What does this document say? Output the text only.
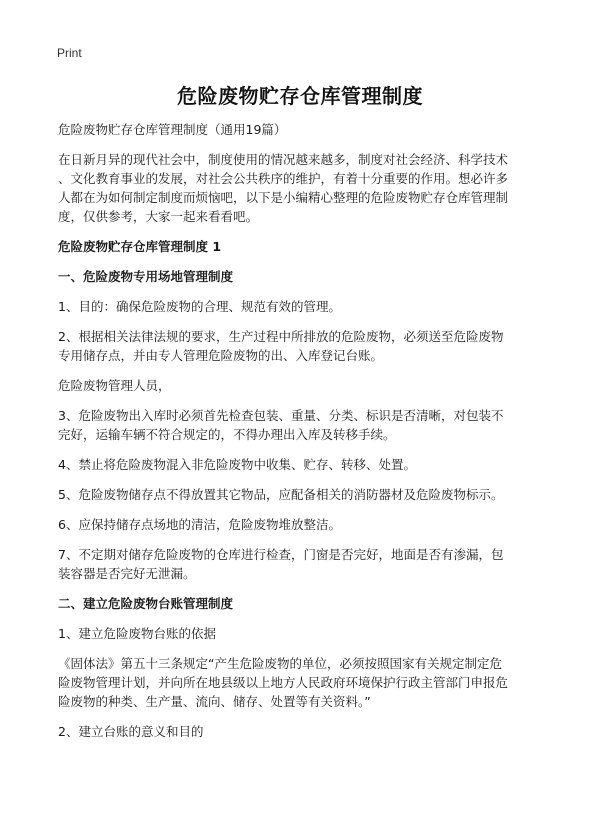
Print
危险废物贮存仓库管理制度
危险废物贮存仓库管理制度（通用19篇）
在日新月异的现代社会中，制度使用的情况越来越多，制度对社会经济、科学技术
、文化教育事业的发展，对社会公共秩序的维护，有着十分重要的作用。想必许多
人都在为如何制定制度而烦恼吧，以下是小编精心整理的危险废物贮存仓库管理制
度，仅供参考，大家一起来看看吧。
危险废物贮存仓库管理制度 1
一、危险废物专用场地管理制度
1、目的：确保危险废物的合理、规范有效的管理。
2、根据相关法律法规的要求，生产过程中所排放的危险废物，必须送至危险废物
专用储存点，并由专人管理危险废物的出、入库登记台账。
危险废物管理人员，
3、危险废物出入库时必须首先检查包装、重量、分类、标识是否清晰，对包装不
完好，运输车辆不符合规定的，不得办理出入库及转移手续。
4、禁止将危险废物混入非危险废物中收集、贮存、转移、处置。
5、危险废物储存点不得放置其它物品，应配备相关的消防器材及危险废物标示。
6、应保持储存点场地的清洁，危险废物堆放整洁。
7、不定期对储存危险废物的仓库进行检查，门窗是否完好，地面是否有渗漏，包
装容器是否完好无泄漏。
二、建立危险废物台账管理制度
1、建立危险废物台账的依据
《固体法》第五十三条规定“产生危险废物的单位，必须按照国家有关规定制定危
险废物管理计划，并向所在地县级以上地方人民政府环境保护行政主管部门申报危
险废物的种类、生产量、流向、储存、处置等有关资料。”
2、建立台账的意义和目的
